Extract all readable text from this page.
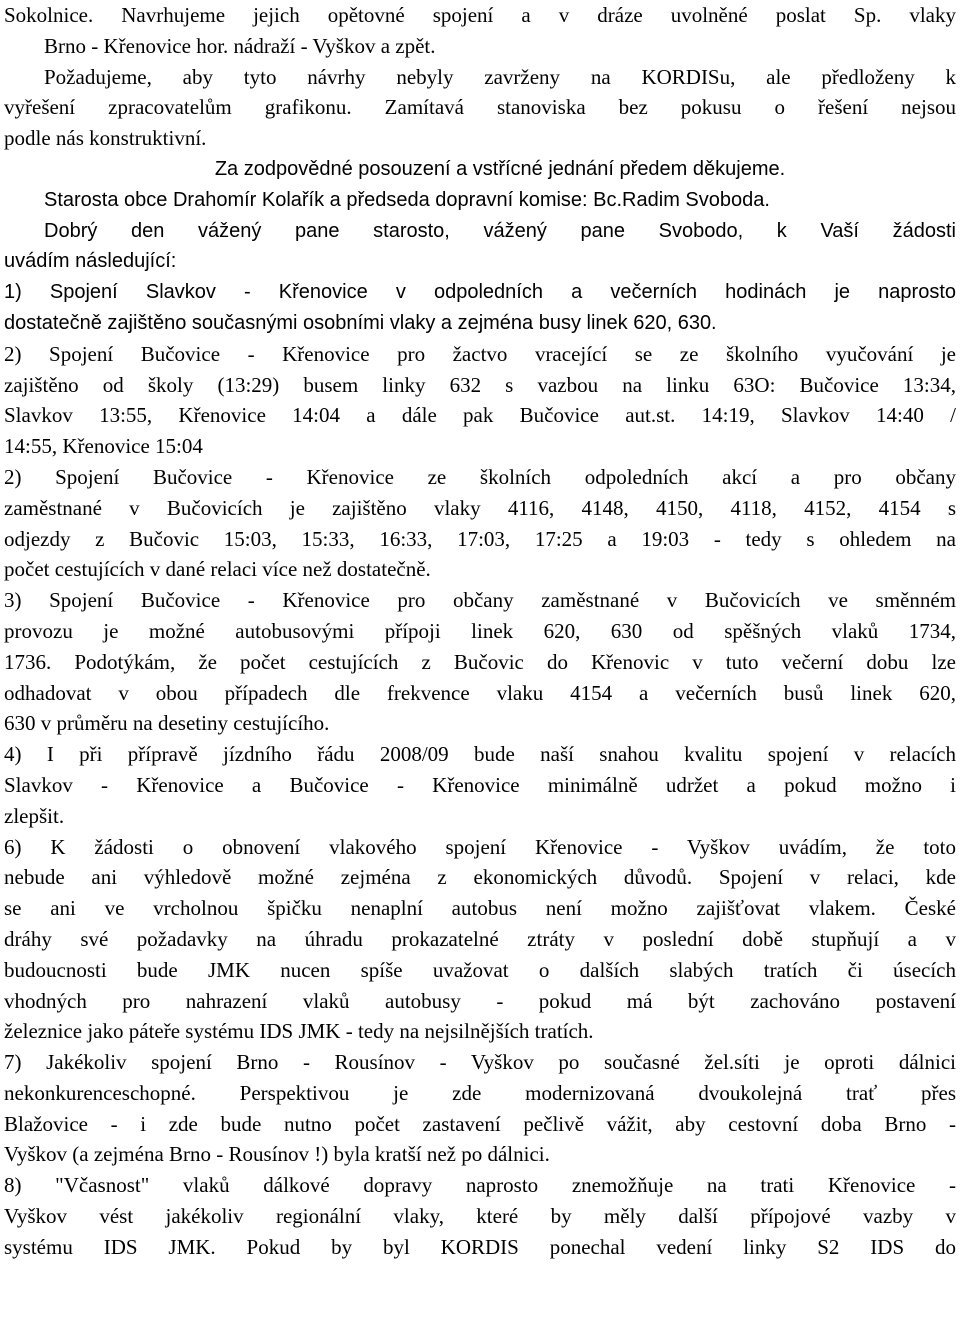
Sokolnice. Navrhujeme jejich opětovné spojení a v dráze uvolněné poslat Sp. vlaky
Brno - Křenovice hor. nádraží - Vyškov a zpět.
Požadujeme, aby tyto návrhy nebyly zavrženy na KORDISu, ale předloženy k
vyřešení zpracovatelům grafikonu. Zamítavá stanoviska bez pokusu o řešení nejsou
podle nás konstruktivní.
Za zodpovědné posouzení a vstřícné jednání předem děkujeme.
Starosta obce Drahomír Kolařík a předseda dopravní komise: Bc.Radim Svoboda.
Dobrý den vážený pane starosto, vážený pane Svobodo, k Vaší žádosti
uvádím následující:
1) Spojení Slavkov - Křenovice v odpoledních a večerních hodinách je naprosto
dostatečně zajištěno současnými osobními vlaky a zejména busy linek 620, 630.
2) Spojení Bučovice - Křenovice pro žactvo vracející se ze školního vyučování je
zajištěno od školy (13:29) busem linky 632 s vazbou na linku 63O: Bučovice 13:34,
Slavkov 13:55, Křenovice 14:04 a dále pak Bučovice aut.st. 14:19, Slavkov 14:40 /
14:55, Křenovice 15:04
2) Spojení Bučovice - Křenovice ze školních odpoledních akcí a pro občany
zaměstnané v Bučovicích je zajištěno vlaky 4116, 4148, 4150, 4118, 4152, 4154 s
odjezdy z Bučovic 15:03, 15:33, 16:33, 17:03, 17:25 a 19:03 - tedy s ohledem na
počet cestujících v dané relaci více než dostatečně.
3) Spojení Bučovice - Křenovice pro občany zaměstnané v Bučovicích ve směnném
provozu je možné autobusovými přípoji linek 620, 630 od spěšných vlaků 1734,
1736. Podotýkám, že počet cestujících z Bučovic do Křenovic v tuto večerní dobu lze
odhadovat v obou případech dle frekvence vlaku 4154 a večerních busů linek 620,
630 v průměru na desetiny cestujícího.
4) I při přípravě jízdního řádu 2008/09 bude naší snahou kvalitu spojení v relacích
Slavkov - Křenovice a Bučovice - Křenovice minimálně udržet a pokud možno i
zlepšit.
6) K žádosti o obnovení vlakového spojení Křenovice - Vyškov uvádím, že toto
nebude ani výhledově možné zejména z ekonomických důvodů. Spojení v relaci, kde
se ani ve vrcholnou špičku nenaplní autobus není možno zajišťovat vlakem. České
dráhy své požadavky na úhradu prokazatelné ztráty v poslední době stupňují a v
budoucnosti bude JMK nucen spíše uvažovat o dalších slabých tratích či úsecích
vhodných pro nahrazení vlaků autobusy - pokud má být zachováno postavení
železnice jako páteře systému IDS JMK - tedy na nejsilnějších tratích.
7) Jakékoliv spojení Brno - Rousínov - Vyškov po současné žel.síti je oproti dálnici
nekonkurenceschopné. Perspektivou je zde modernizovaná dvoukolejná trať přes
Blažovice - i zde bude nutno počet zastavení pečlivě vážit, aby cestovní doba Brno -
Vyškov (a zejména Brno - Rousínov !) byla kratší než po dálnici.
8) "Včasnost" vlaků dálkové dopravy naprosto znemožňuje na trati Křenovice -
Vyškov vést jakékoliv regionální vlaky, které by měly další přípojové vazby v
systému IDS JMK. Pokud by byl KORDIS ponechal vedení linky S2 IDS do
